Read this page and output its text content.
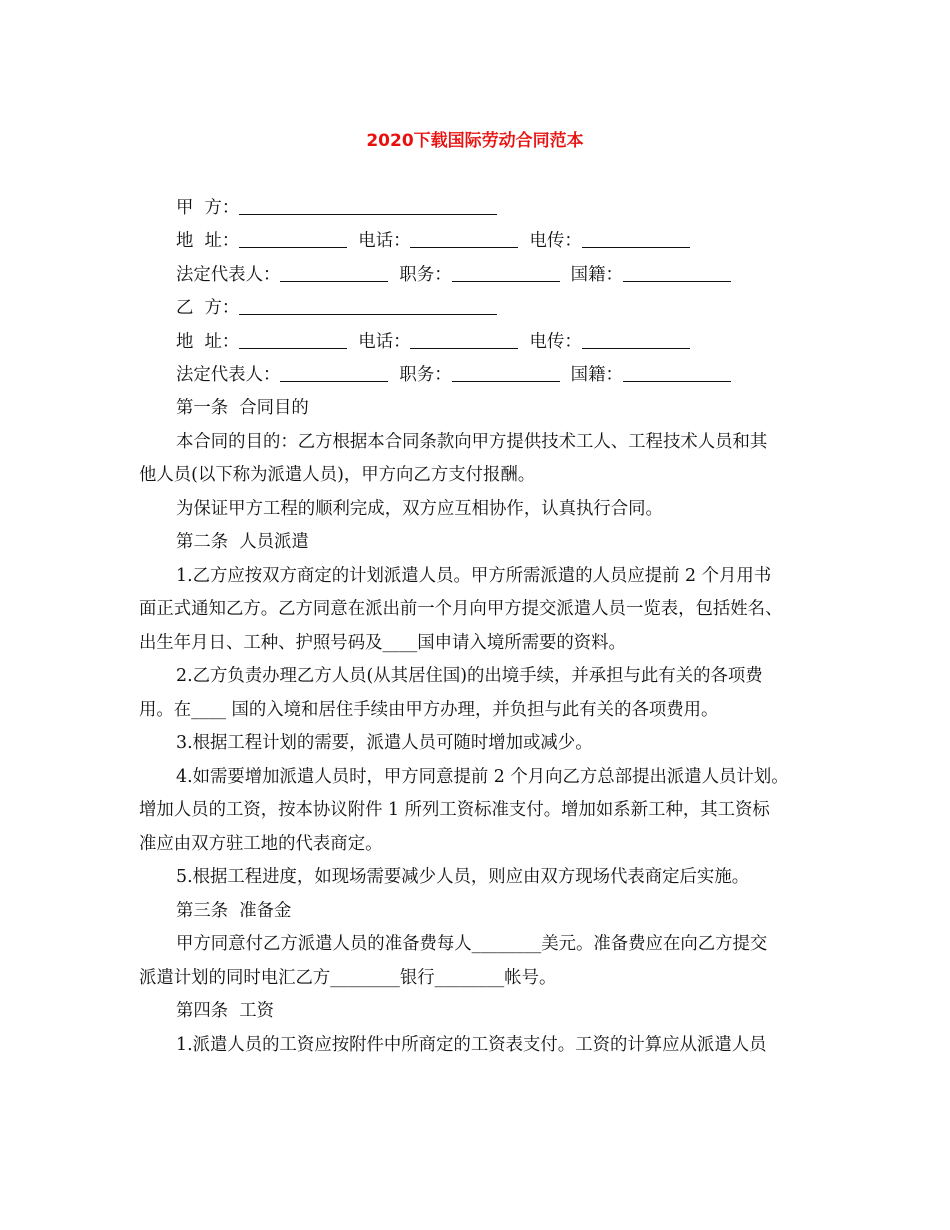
2020下载国际劳动合同范本
甲  方：
地  址：	电话：	电传：
法定代表人：	职务：	国籍：
乙  方：
地  址：	电话：	电传：
法定代表人：	职务：	国籍：
第一条  合同目的
本合同的目的：乙方根据本合同条款向甲方提供技术工人、工程技术人员和其
他人员(以下称为派遣人员)，甲方向乙方支付报酬。
为保证甲方工程的顺利完成，双方应互相协作，认真执行合同。
第二条  人员派遣
1.乙方应按双方商定的计划派遣人员。甲方所需派遣的人员应提前 2 个月用书
面正式通知乙方。乙方同意在派出前一个月向甲方提交派遣人员一览表，包括姓名、
出生年月日、工种、护照号码及____国申请入境所需要的资料。
2.乙方负责办理乙方人员(从其居住国)的出境手续，并承担与此有关的各项费
用。在____ 国的入境和居住手续由甲方办理，并负担与此有关的各项费用。
3.根据工程计划的需要，派遣人员可随时增加或减少。
4.如需要增加派遣人员时，甲方同意提前 2 个月向乙方总部提出派遣人员计划。
增加人员的工资，按本协议附件 1 所列工资标准支付。增加如系新工种，其工资标
准应由双方驻工地的代表商定。
5.根据工程进度，如现场需要减少人员，则应由双方现场代表商定后实施。
第三条  准备金
甲方同意付乙方派遣人员的准备费每人________美元。准备费应在向乙方提交
派遣计划的同时电汇乙方________银行________帐号。
第四条  工资
1.派遣人员的工资应按附件中所商定的工资表支付。工资的计算应从派遣人员
